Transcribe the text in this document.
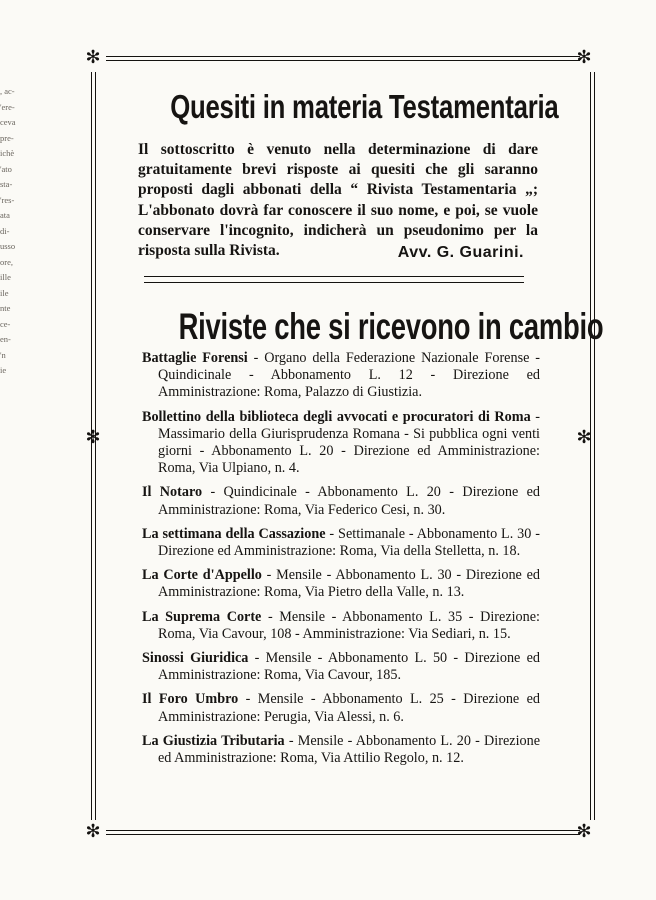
, ac-
'ere-
ceva
pre-
ichè
'ato
sta-
'res-
ata
di-
usso
ore,
ille
ile
nte
ce-
en-
'n
ie
✻	✻
✻	✻
✻	✻
Quesiti in materia Testamentaria

Il sottoscritto è venuto nella determinazione di dare gratuitamente brevi risposte ai quesiti che gli saranno proposti dagli abbonati della “ Rivista Testamentaria „; L'abbonato dovrà far conoscere il suo nome, e poi, se vuole conservare l'incognito, indicherà un pseudonimo per la risposta sulla Rivista.	Avv. G. Guarini.
Riviste che si ricevono in cambio

Battaglie Forensi - Organo della Federazione Nazionale Forense - Quindicinale - Abbonamento L. 12 - Direzione ed Amministrazione: Roma, Palazzo di Giustizia.

Bollettino della biblioteca degli avvocati e procuratori di Roma - Massimario della Giurisprudenza Romana - Si pubblica ogni venti giorni - Abbonamento L. 20 - Direzione ed Amministrazione: Roma, Via Ulpiano, n. 4.

Il Notaro - Quindicinale - Abbonamento L. 20 - Direzione ed Amministrazione: Roma, Via Federico Cesi, n. 30.

La settimana della Cassazione - Settimanale - Abbonamento L. 30 - Direzione ed Amministrazione: Roma, Via della Stelletta, n. 18.

La Corte d'Appello - Mensile - Abbonamento L. 30 - Direzione ed Amministrazione: Roma, Via Pietro della Valle, n. 13.

La Suprema Corte - Mensile - Abbonamento L. 35 - Direzione: Roma, Via Cavour, 108 - Amministrazione: Via Sediari, n. 15.

Sinossi Giuridica - Mensile - Abbonamento L. 50 - Direzione ed Amministrazione: Roma, Via Cavour, 185.

Il Foro Umbro - Mensile - Abbonamento L. 25 - Direzione ed Amministrazione: Perugia, Via Alessi, n. 6.

La Giustizia Tributaria - Mensile - Abbonamento L. 20 - Direzione ed Amministrazione: Roma, Via Attilio Regolo, n. 12.
